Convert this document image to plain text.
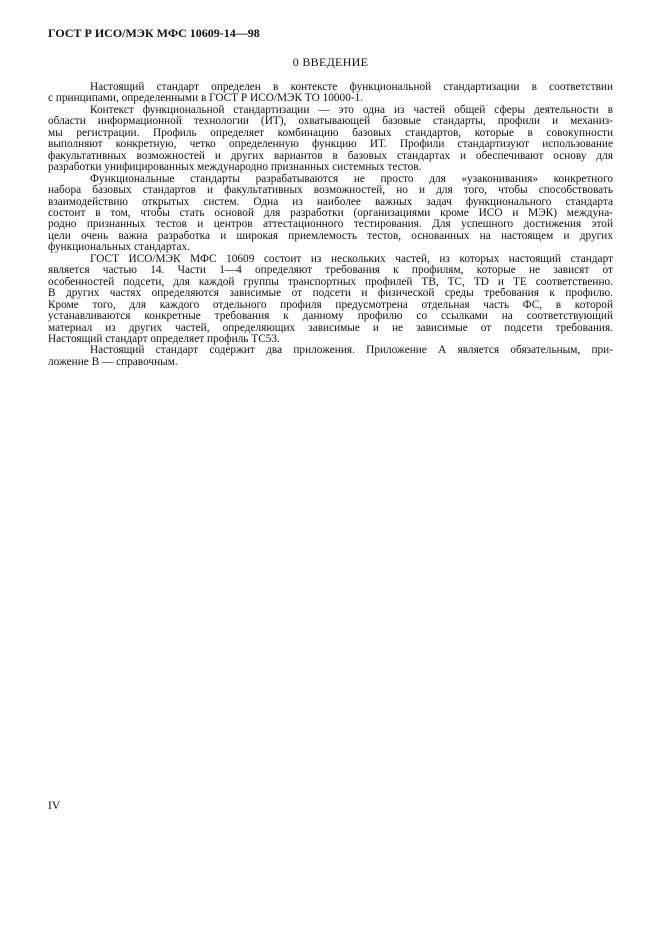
ГОСТ Р ИСО/МЭК МФС 10609-14—98
0 ВВЕДЕНИЕ
Настоящий стандарт определен в контексте функциональной стандартизации в соответствии
с принципами, определенными в ГОСТ Р ИСО/МЭК ТО 10000-1.
Контекст функциональной стандартизации — это одна из частей общей сферы деятельности в
области информационной технологии (ИТ), охватывающей базовые стандарты, профили и механиз-
мы регистрации. Профиль определяет комбинацию базовых стандартов, которые в совокупности
выполняют конкретную, четко определенную функцию ИТ. Профили стандартизуют использование
факультативных возможностей и других вариантов в базовых стандартах и обеспечивают основу для
разработки унифицированных международно признанных системных тестов.
Функциональные стандарты разрабатываются не просто для «узаконивания» конкретного
набора базовых стандартов и факультативных возможностей, но и для того, чтобы способствовать
взаимодействию открытых систем. Одна из наиболее важных задач функционального стандарта
состоит в том, чтобы стать основой для разработки (организациями кроме ИСО и МЭК) междуна-
родно признанных тестов и центров аттестационного тестирования. Для успешного достижения этой
цели очень важна разработка и широкая приемлемость тестов, основанных на настоящем и других
функциональных стандартах.
ГОСТ ИСО/МЭК МФС 10609 состоит из нескольких частей, из которых настоящий стандарт
является частью 14. Части 1—4 определяют требования к профилям, которые не зависят от
особенностей подсети, для каждой группы транспортных профилей ТВ, ТС, TD и ТЕ соответственно.
В других частях определяются зависимые от подсети и физической среды требования к профилю.
Кроме того, для каждого отдельного профиля предусмотрена отдельная часть ФС, в которой
устанавливаются конкретные требования к данному профилю со ссылками на соответствующий
материал из других частей, определяющих зависимые и не зависимые от подсети требования.
Настоящий стандарт определяет профиль ТС53.
Настоящий стандарт содержит два приложения. Приложение А является обязательным, при-
ложение В — справочным.
IV
